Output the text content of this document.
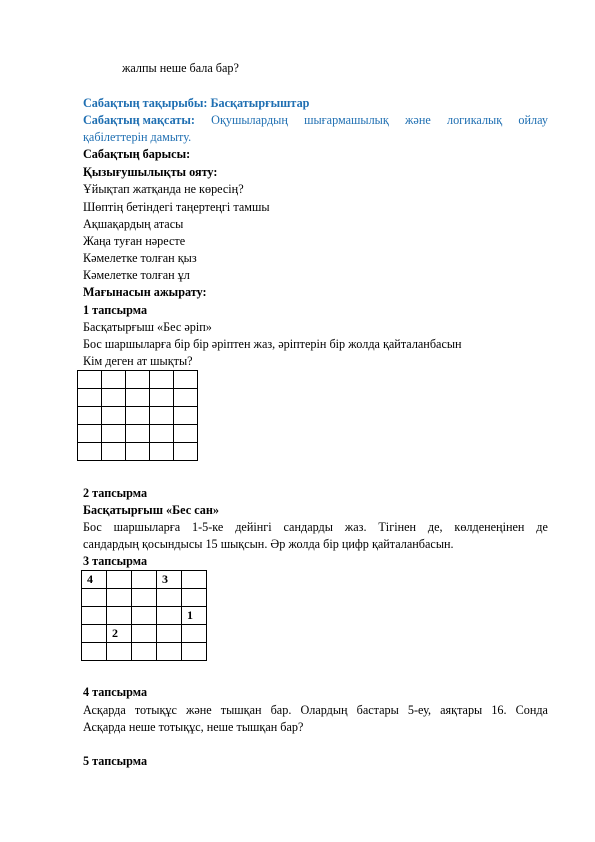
жалпы неше бала бар?
Сабақтың тақырыбы: Басқатырғыштар
Сабақтың мақсаты: Оқушылардың шығармашылық және логикалық ойлау
қабілеттерін дамыту.
Сабақтың барысы:
Қызығушылықты ояту:
Ұйықтап жатқанда не көресің?
Шөптің бетіндегі таңертеңгі тамшы
Ақшақардың атасы
Жаңа туған нәресте
Кәмелетке толған қыз
Кәмелетке толған ұл
Мағынасын ажырату:
1 тапсырма
Басқатырғыш «Бес әріп»
Бос шаршыларға бір бір әріптен жаз, әріптерін бір жолда қайталанбасын
Кім деген ат шықты?

2 тапсырма
Басқатырғыш «Бес сан»
Бос шаршыларға 1-5-ке дейінгі сандарды жаз. Тігінен де, көлденеңінен де
сандардың қосындысы 15 шықсын. Әр жолда бір цифр қайталанбасын.
3 тапсырма
4			3	

				1
	2			

4 тапсырма
Асқарда тотықұс және тышқан бар. Олардың бастары 5-еу, аяқтары 16. Сонда
Асқарда неше тотықұс, неше тышқан бар?
5 тапсырма
